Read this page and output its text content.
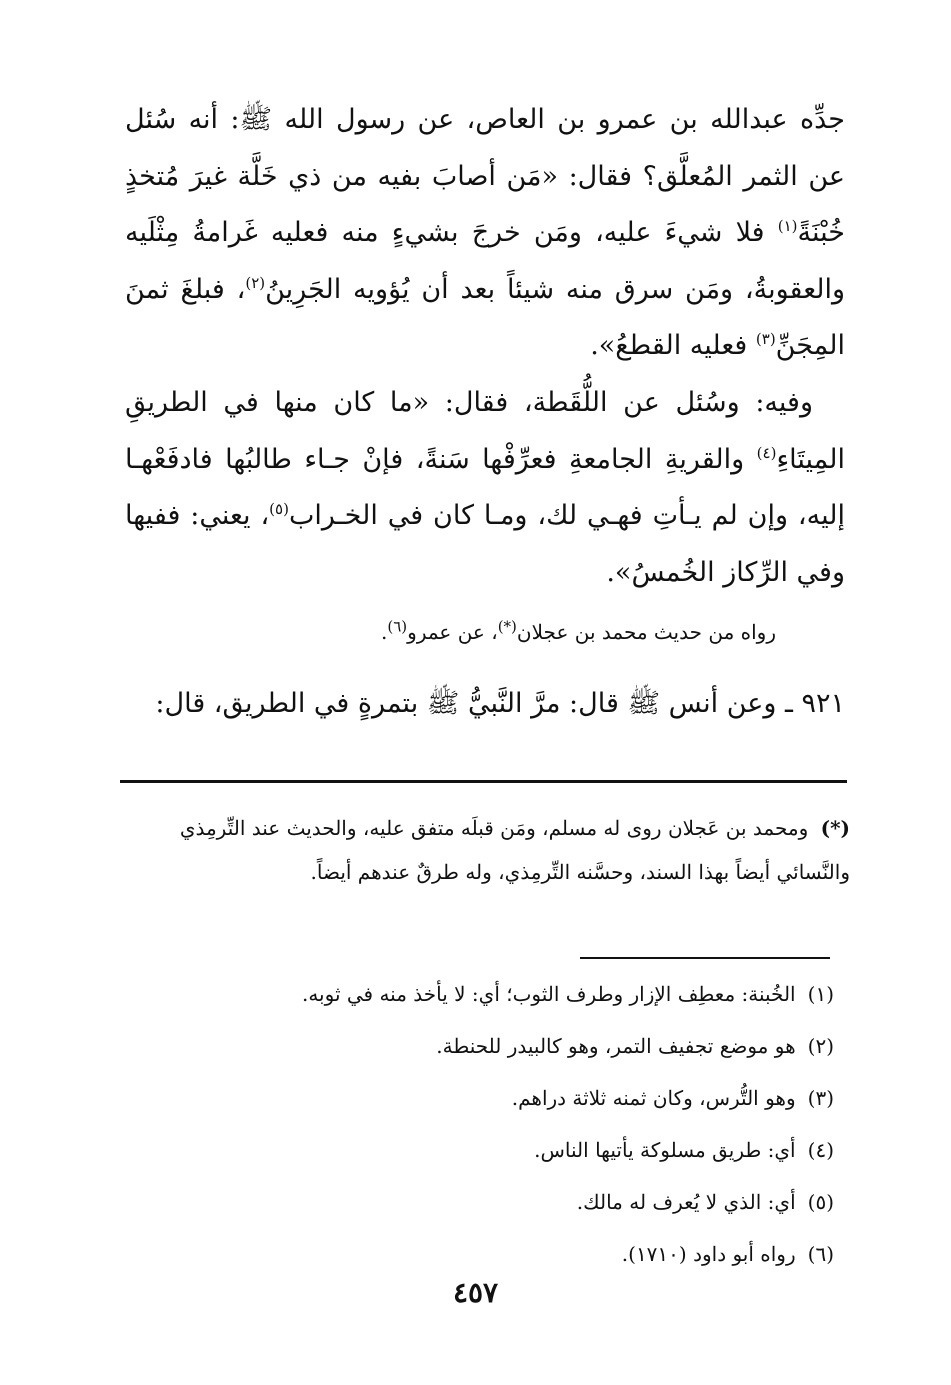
جدِّه عبدالله بن عمرو بن العاص، عن رسول الله ﷺ: أنه سُئل عن الثمر المُعلَّق؟ فقال: «مَن أصابَ بفيه من ذي خَلَّة غيرَ مُتخذٍ خُبْنَةً$^{(١)}$ فلا شيءَ عليه، ومَن خرجَ بشيءٍ منه فعليه غَرامةُ مِثْلَيه والعقوبةُ، ومَن سرق منه شيئاً بعد أن يُؤويه الجَرِينُ$^{(٢)}$، فبلغَ ثمنَ المِجَنِّ$^{(٣)}$ فعليه القطعُ».

وفيه: وسُئل عن اللُّقَطة، فقال: «ما كان منها في الطريقِ المِيتَاءِ$^{(٤)}$ والقريةِ الجامعةِ فعرِّفْها سَنةً، فإنْ جـاء طالبُها فادفَعْهـا إليه، وإن لم يـأتِ فهـي لك، ومـا كان في الخـراب$^{(٥)}$، يعني: ففيها وفي الرِّكاز الخُمسُ».

رواه من حديث محمد بن عجلان(*)، عن عمرو$^{(٦)}$.

٩٢١ ـ وعن أنس ﷺ قال: مرَّ النَّبيُّ ﷺ بتمرةٍ في الطريق، قال:

(*) ومحمد بن عَجلان روى له مسلم، ومَن قبلَه متفق عليه، والحديث عند التِّرمِذي والنَّسائي أيضاً بهذا السند، وحسَّنه التِّرمِذي، وله طرقٌ عندهم أيضاً.

(١)الخُبنة: معطِف الإزار وطرف الثوب؛ أي: لا يأخذ منه في ثوبه.
(٢)هو موضع تجفيف التمر، وهو كالبيدر للحنطة.
(٣)وهو التُّرس، وكان ثمنه ثلاثة دراهم.
(٤)أي: طريق مسلوكة يأتيها الناس.
(٥)أي: الذي لا يُعرف له مالك.
(٦)رواه أبو داود (١٧١٠).
٤٥٧
